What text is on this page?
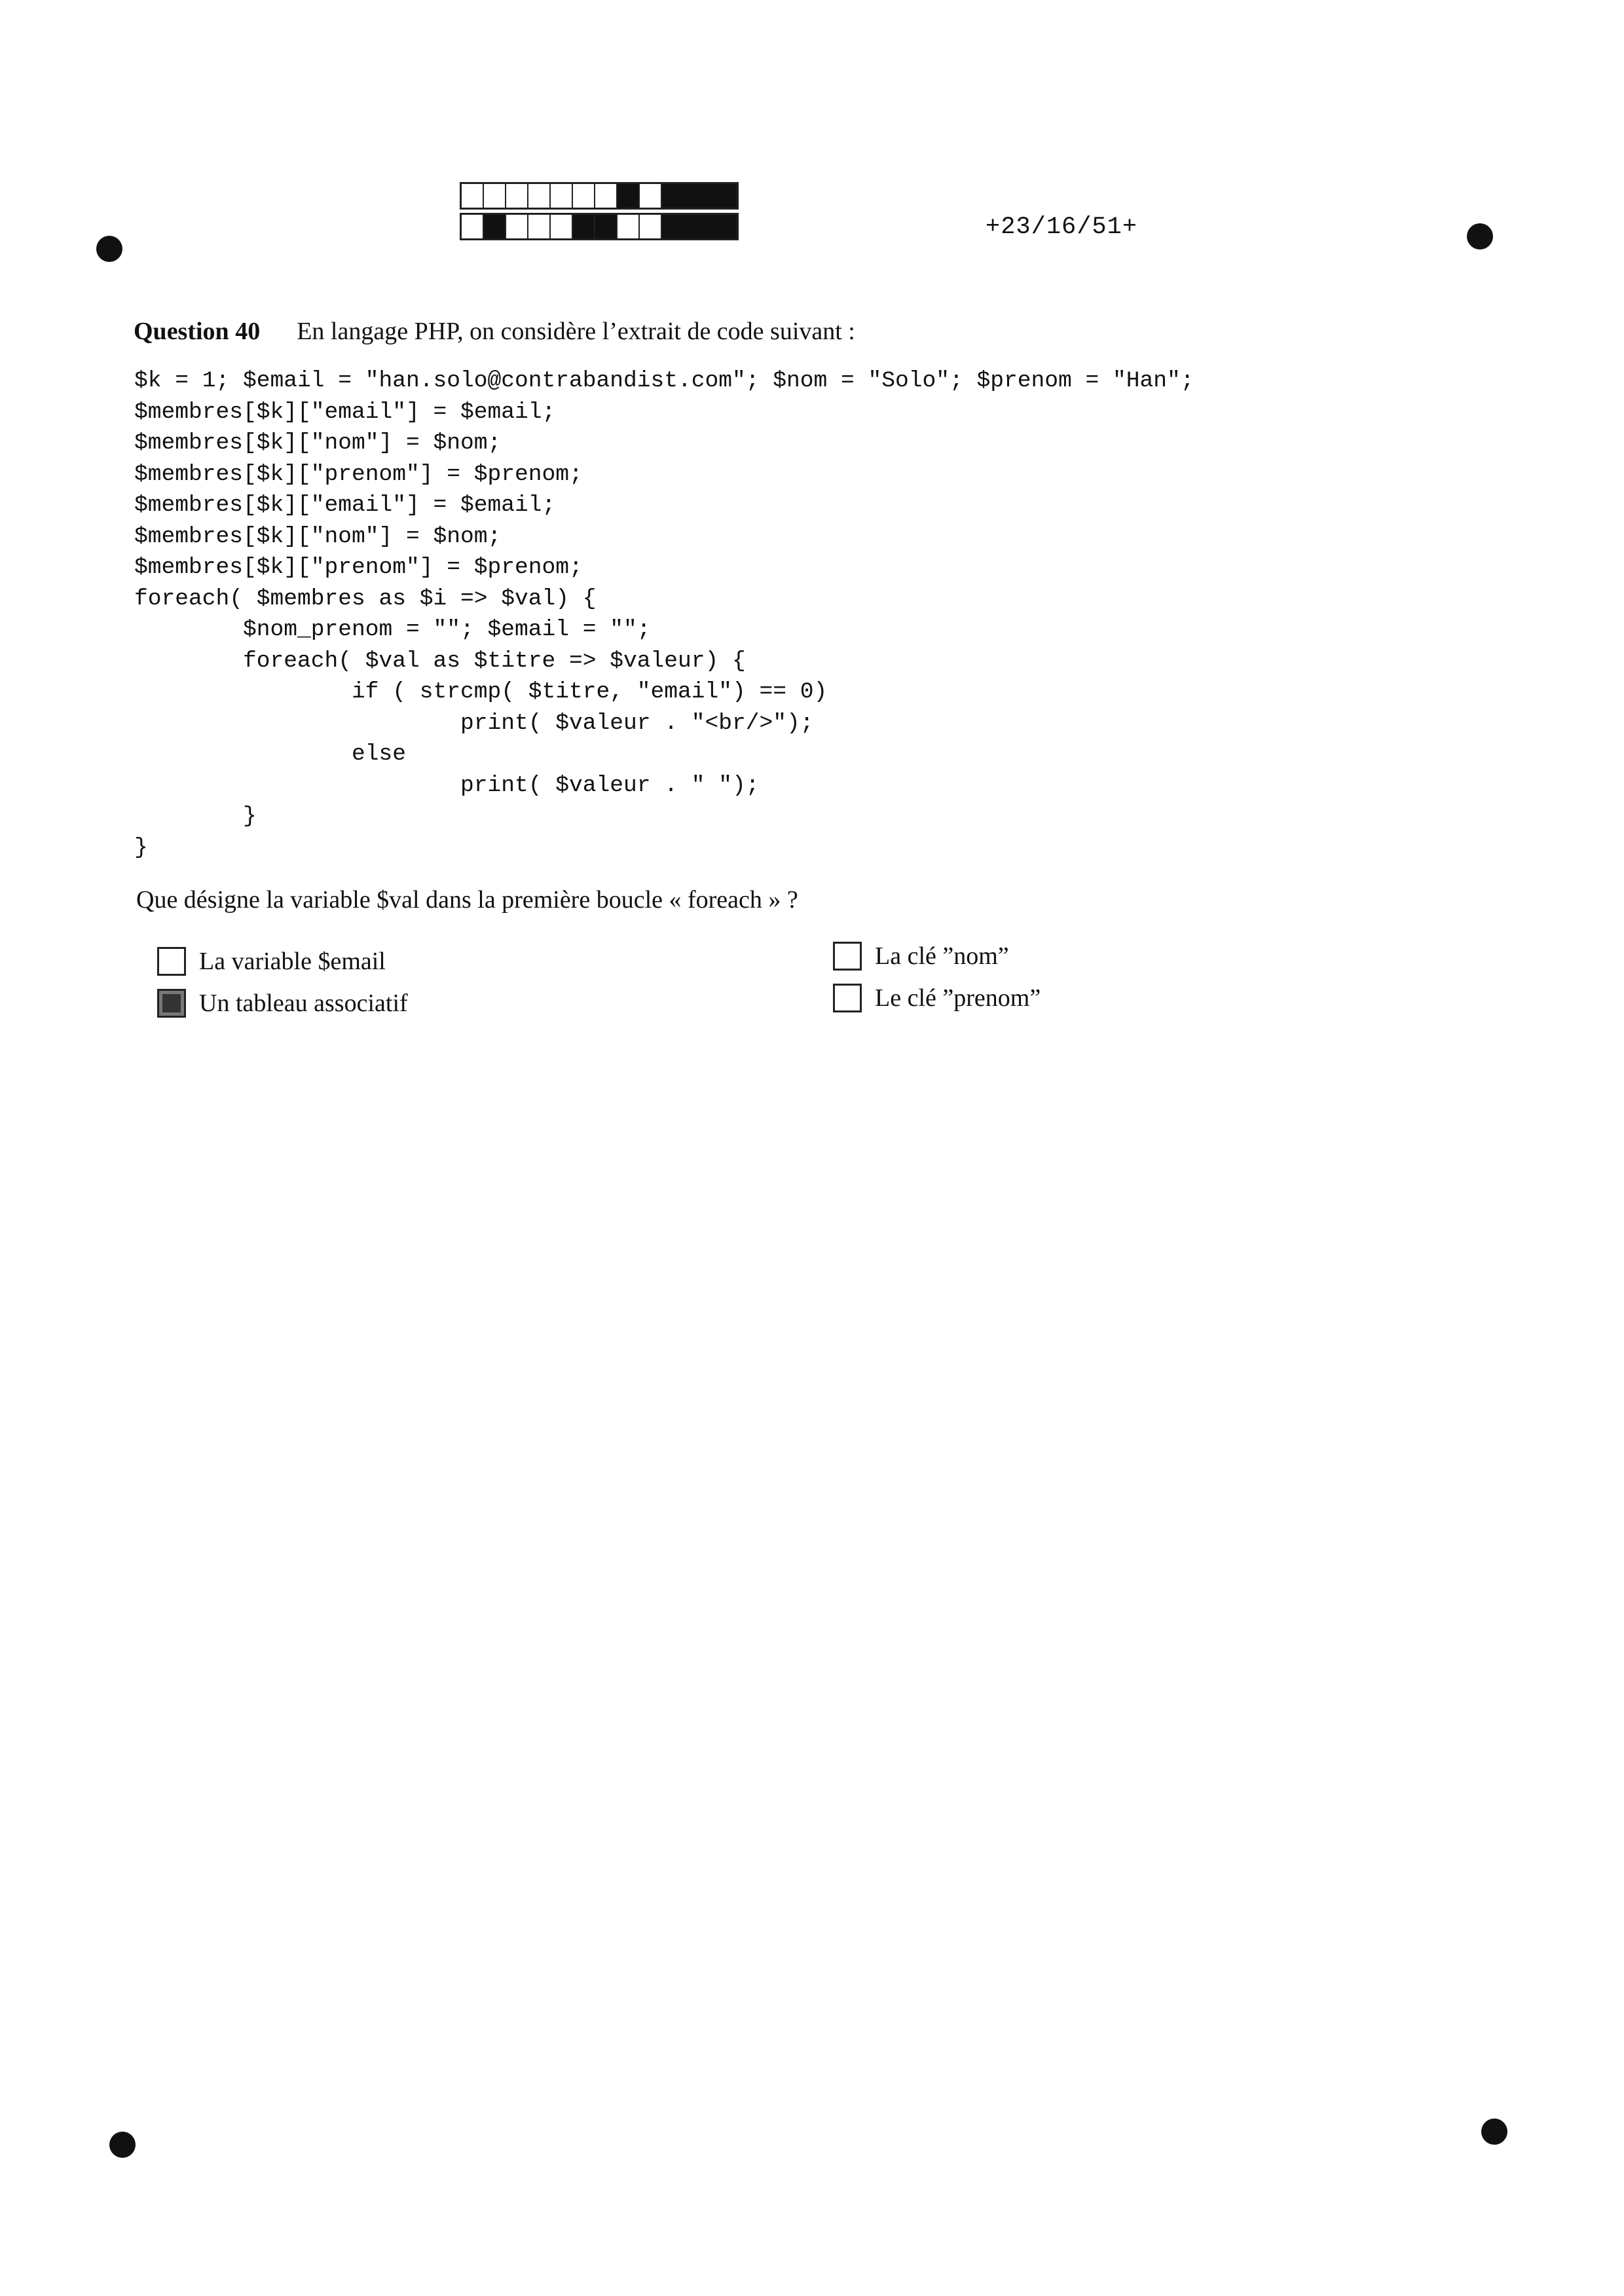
+23/16/51+
Question 40 En langage PHP, on considère l’extrait de code suivant :
$k = 1; $email = "han.solo@contrabandist.com"; $nom = "Solo"; $prenom = "Han";
$membres[$k]["email"] = $email;
$membres[$k]["nom"] = $nom;
$membres[$k]["prenom"] = $prenom;
$membres[$k]["email"] = $email;
$membres[$k]["nom"] = $nom;
$membres[$k]["prenom"] = $prenom;
foreach( $membres as $i => $val) {
$nom_prenom = ""; $email = "";
foreach( $val as $titre => $valeur) {
if ( strcmp( $titre, "email") == 0)
print( $valeur . "<br/>");
else
print( $valeur . " ");
}
}
Que désigne la variable $val dans la première boucle « foreach » ?
La variable $email
Un tableau associatif
La clé ”nom”
Le clé ”prenom”
